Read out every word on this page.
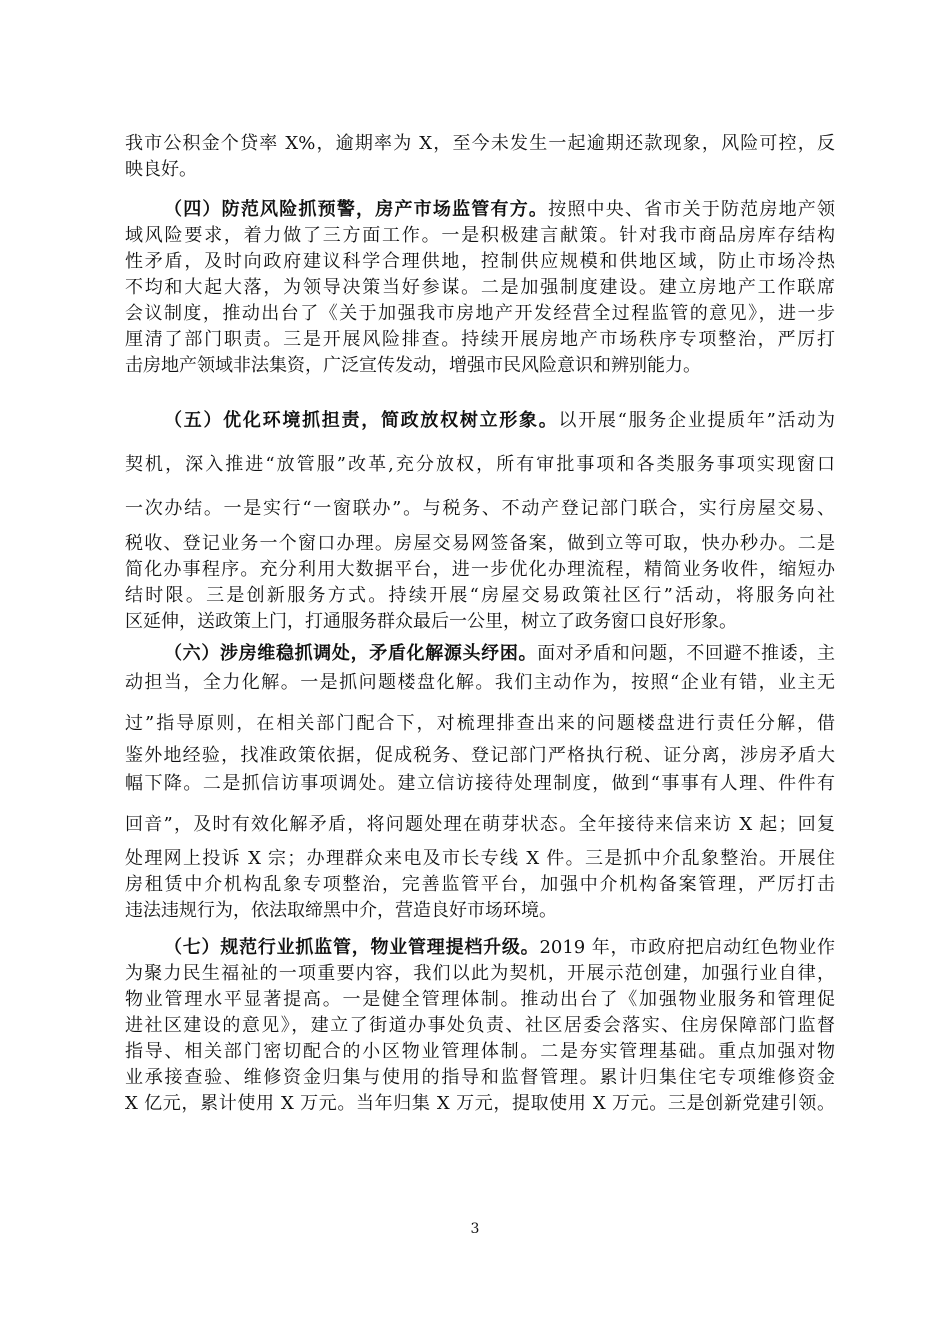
我市公积金个贷率 X%，逾期率为 X，至今未发生一起逾期还款现象，风险可控，反
映良好。
（四）防范风险抓预警，房产市场监管有方。按照中央、省市关于防范房地产领
域风险要求，着力做了三方面工作。一是积极建言献策。针对我市商品房库存结构
性矛盾，及时向政府建议科学合理供地，控制供应规模和供地区域，防止市场冷热
不均和大起大落，为领导决策当好参谋。二是加强制度建设。建立房地产工作联席
会议制度，推动出台了《关于加强我市房地产开发经营全过程监管的意见》，进一步
厘清了部门职责。三是开展风险排查。持续开展房地产市场秩序专项整治，严厉打
击房地产领域非法集资，广泛宣传发动，增强市民风险意识和辨别能力。
（五）优化环境抓担责，简政放权树立形象。以开展“服务企业提质年”活动为
契机，深入推进“放管服”改革,充分放权，所有审批事项和各类服务事项实现窗口
一次办结。一是实行“一窗联办”。与税务、不动产登记部门联合，实行房屋交易、
税收、登记业务一个窗口办理。房屋交易网签备案，做到立等可取，快办秒办。二是
简化办事程序。充分利用大数据平台，进一步优化办理流程，精简业务收件，缩短办
结时限。三是创新服务方式。持续开展“房屋交易政策社区行”活动，将服务向社
区延伸，送政策上门，打通服务群众最后一公里，树立了政务窗口良好形象。
（六）涉房维稳抓调处，矛盾化解源头纾困。面对矛盾和问题，不回避不推诿，主
动担当，全力化解。一是抓问题楼盘化解。我们主动作为，按照“企业有错，业主无
过”指导原则，在相关部门配合下，对梳理排查出来的问题楼盘进行责任分解，借
鉴外地经验，找准政策依据，促成税务、登记部门严格执行税、证分离，涉房矛盾大
幅下降。二是抓信访事项调处。建立信访接待处理制度，做到“事事有人理、件件有
回音”，及时有效化解矛盾，将问题处理在萌芽状态。全年接待来信来访 X 起；回复
处理网上投诉 X 宗；办理群众来电及市长专线 X 件。三是抓中介乱象整治。开展住
房租赁中介机构乱象专项整治，完善监管平台，加强中介机构备案管理，严厉打击
违法违规行为，依法取缔黑中介，营造良好市场环境。
（七）规范行业抓监管，物业管理提档升级。2019 年，市政府把启动红色物业作
为聚力民生福祉的一项重要内容，我们以此为契机，开展示范创建，加强行业自律，
物业管理水平显著提高。一是健全管理体制。推动出台了《加强物业服务和管理促
进社区建设的意见》，建立了街道办事处负责、社区居委会落实、住房保障部门监督
指导、相关部门密切配合的小区物业管理体制。二是夯实管理基础。重点加强对物
业承接查验、维修资金归集与使用的指导和监督管理。累计归集住宅专项维修资金
X 亿元，累计使用 X 万元。当年归集 X 万元，提取使用 X 万元。三是创新党建引领。
3
